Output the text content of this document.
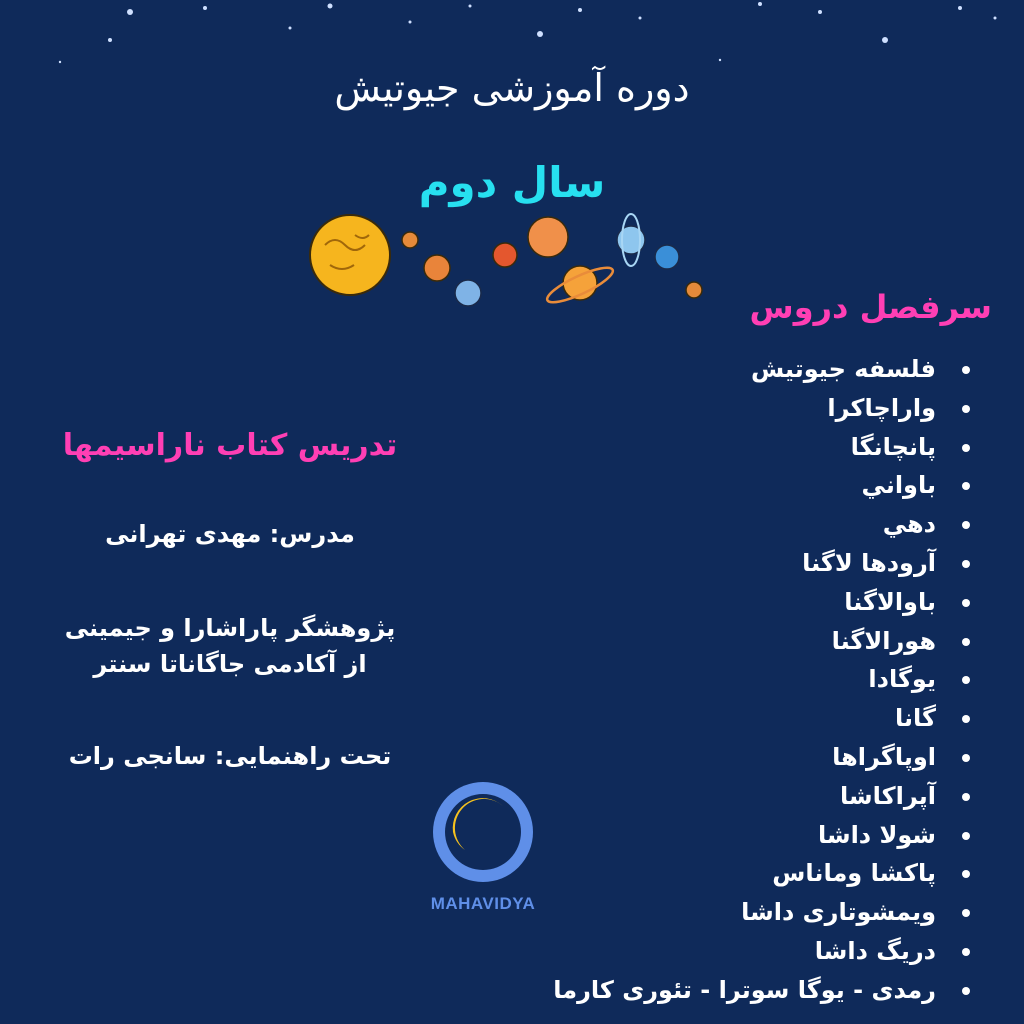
دوره آموزشی جیوتیش
سال دوم
سرفصل دروس
فلسفه جیوتیش
واراچاکرا
پانچانگا
باواني
دهي
آرودها لاگنا
باوالاگنا
هورالاگنا
یوگادا
گانا
اوپاگراها
آپراکاشا
شولا داشا
پاکشا وماناس
ویمشوتاری داشا
دریگ داشا
رمدی - یوگا سوترا - تئوری کارما
تدریس کتاب ناراسیمها
مدرس: مهدی تهرانی
پژوهشگر پاراشارا و جیمینی
از آکادمی جاگاناتا سنتر
تحت راهنمایی: سانجی رات
MAHAVIDYA
